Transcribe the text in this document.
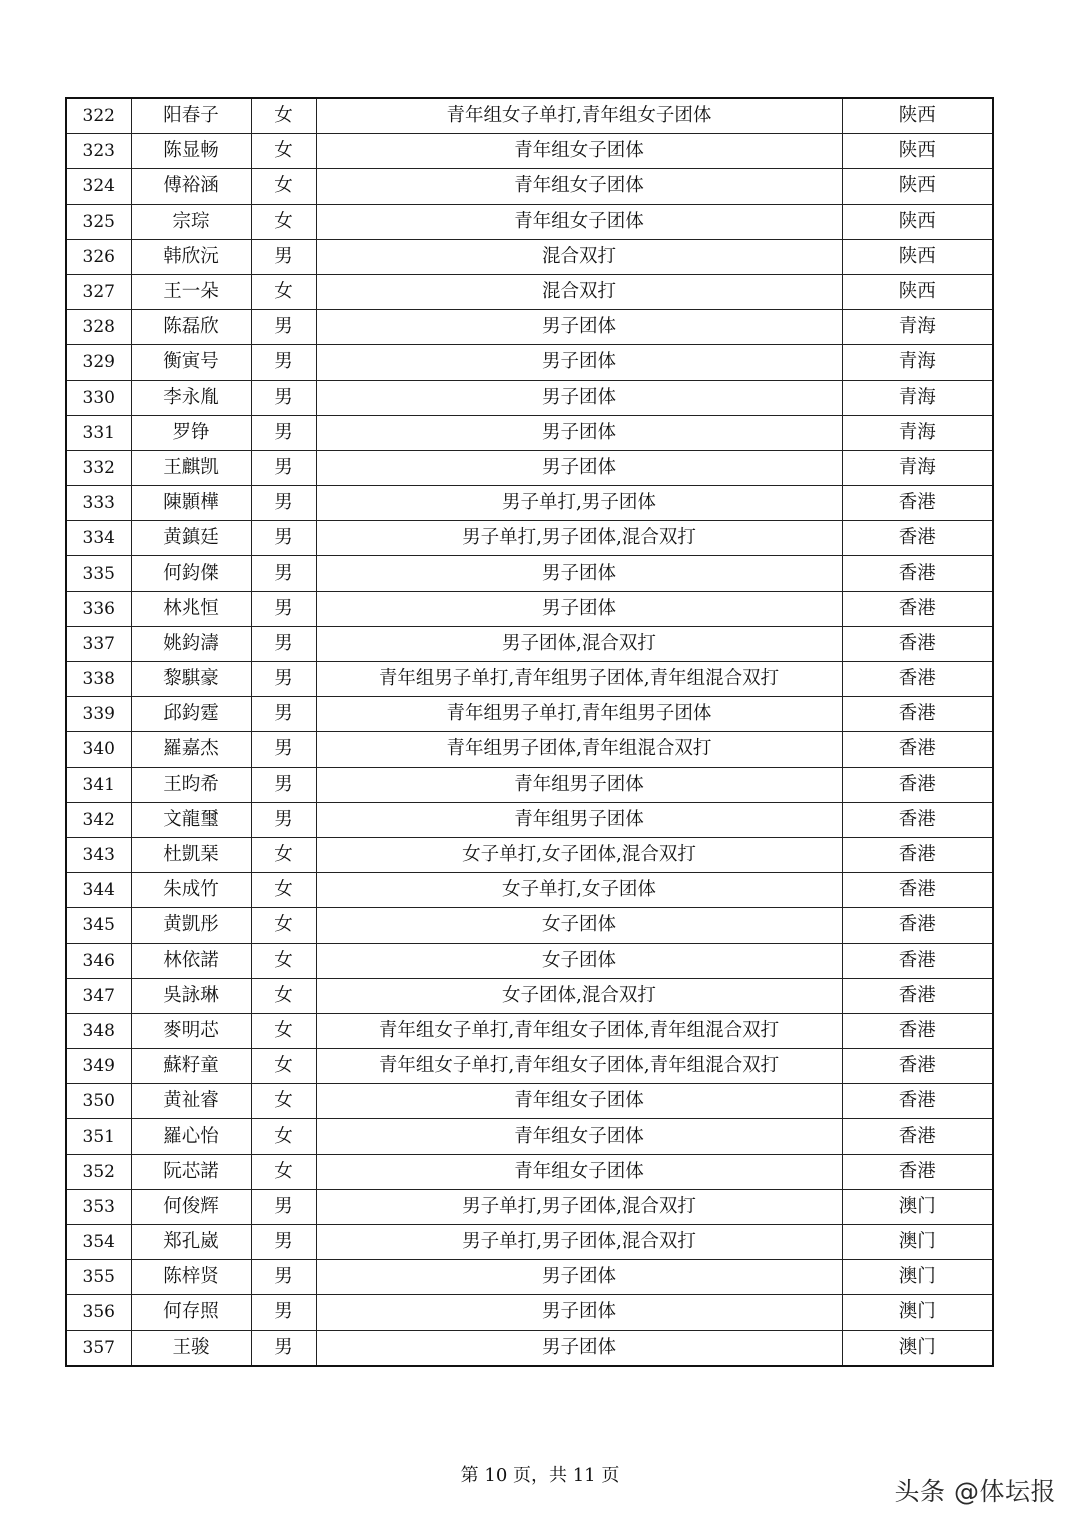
322	阳春子	女	青年组女子单打,青年组女子团体	陕西
323	陈显畅	女	青年组女子团体	陕西
324	傅裕涵	女	青年组女子团体	陕西
325	宗琮	女	青年组女子团体	陕西
326	韩欣沅	男	混合双打	陕西
327	王一朵	女	混合双打	陕西
328	陈磊欣	男	男子团体	青海
329	衡寅号	男	男子团体	青海
330	李永胤	男	男子团体	青海
331	罗铮	男	男子团体	青海
332	王麒凯	男	男子团体	青海
333	陳顥樺	男	男子单打,男子团体	香港
334	黄鎮廷	男	男子单打,男子团体,混合双打	香港
335	何鈞傑	男	男子团体	香港
336	林兆恒	男	男子团体	香港
337	姚鈞濤	男	男子团体,混合双打	香港
338	黎騏豪	男	青年组男子单打,青年组男子团体,青年组混合双打	香港
339	邱鈞霆	男	青年组男子单打,青年组男子团体	香港
340	羅嘉杰	男	青年组男子团体,青年组混合双打	香港
341	王昀希	男	青年组男子团体	香港
342	文龍璽	男	青年组男子团体	香港
343	杜凱琹	女	女子单打,女子团体,混合双打	香港
344	朱成竹	女	女子单打,女子团体	香港
345	黄凱彤	女	女子团体	香港
346	林依諾	女	女子团体	香港
347	吳詠琳	女	女子团体,混合双打	香港
348	麥明芯	女	青年组女子单打,青年组女子团体,青年组混合双打	香港
349	蘇籽童	女	青年组女子单打,青年组女子团体,青年组混合双打	香港
350	黄祉睿	女	青年组女子团体	香港
351	羅心怡	女	青年组女子团体	香港
352	阮芯諾	女	青年组女子团体	香港
353	何俊辉	男	男子单打,男子团体,混合双打	澳门
354	郑孔崴	男	男子单打,男子团体,混合双打	澳门
355	陈梓贤	男	男子团体	澳门
356	何存照	男	男子团体	澳门
357	王骏	男	男子团体	澳门
第 10 页，共 11 页
头条 @体坛报
